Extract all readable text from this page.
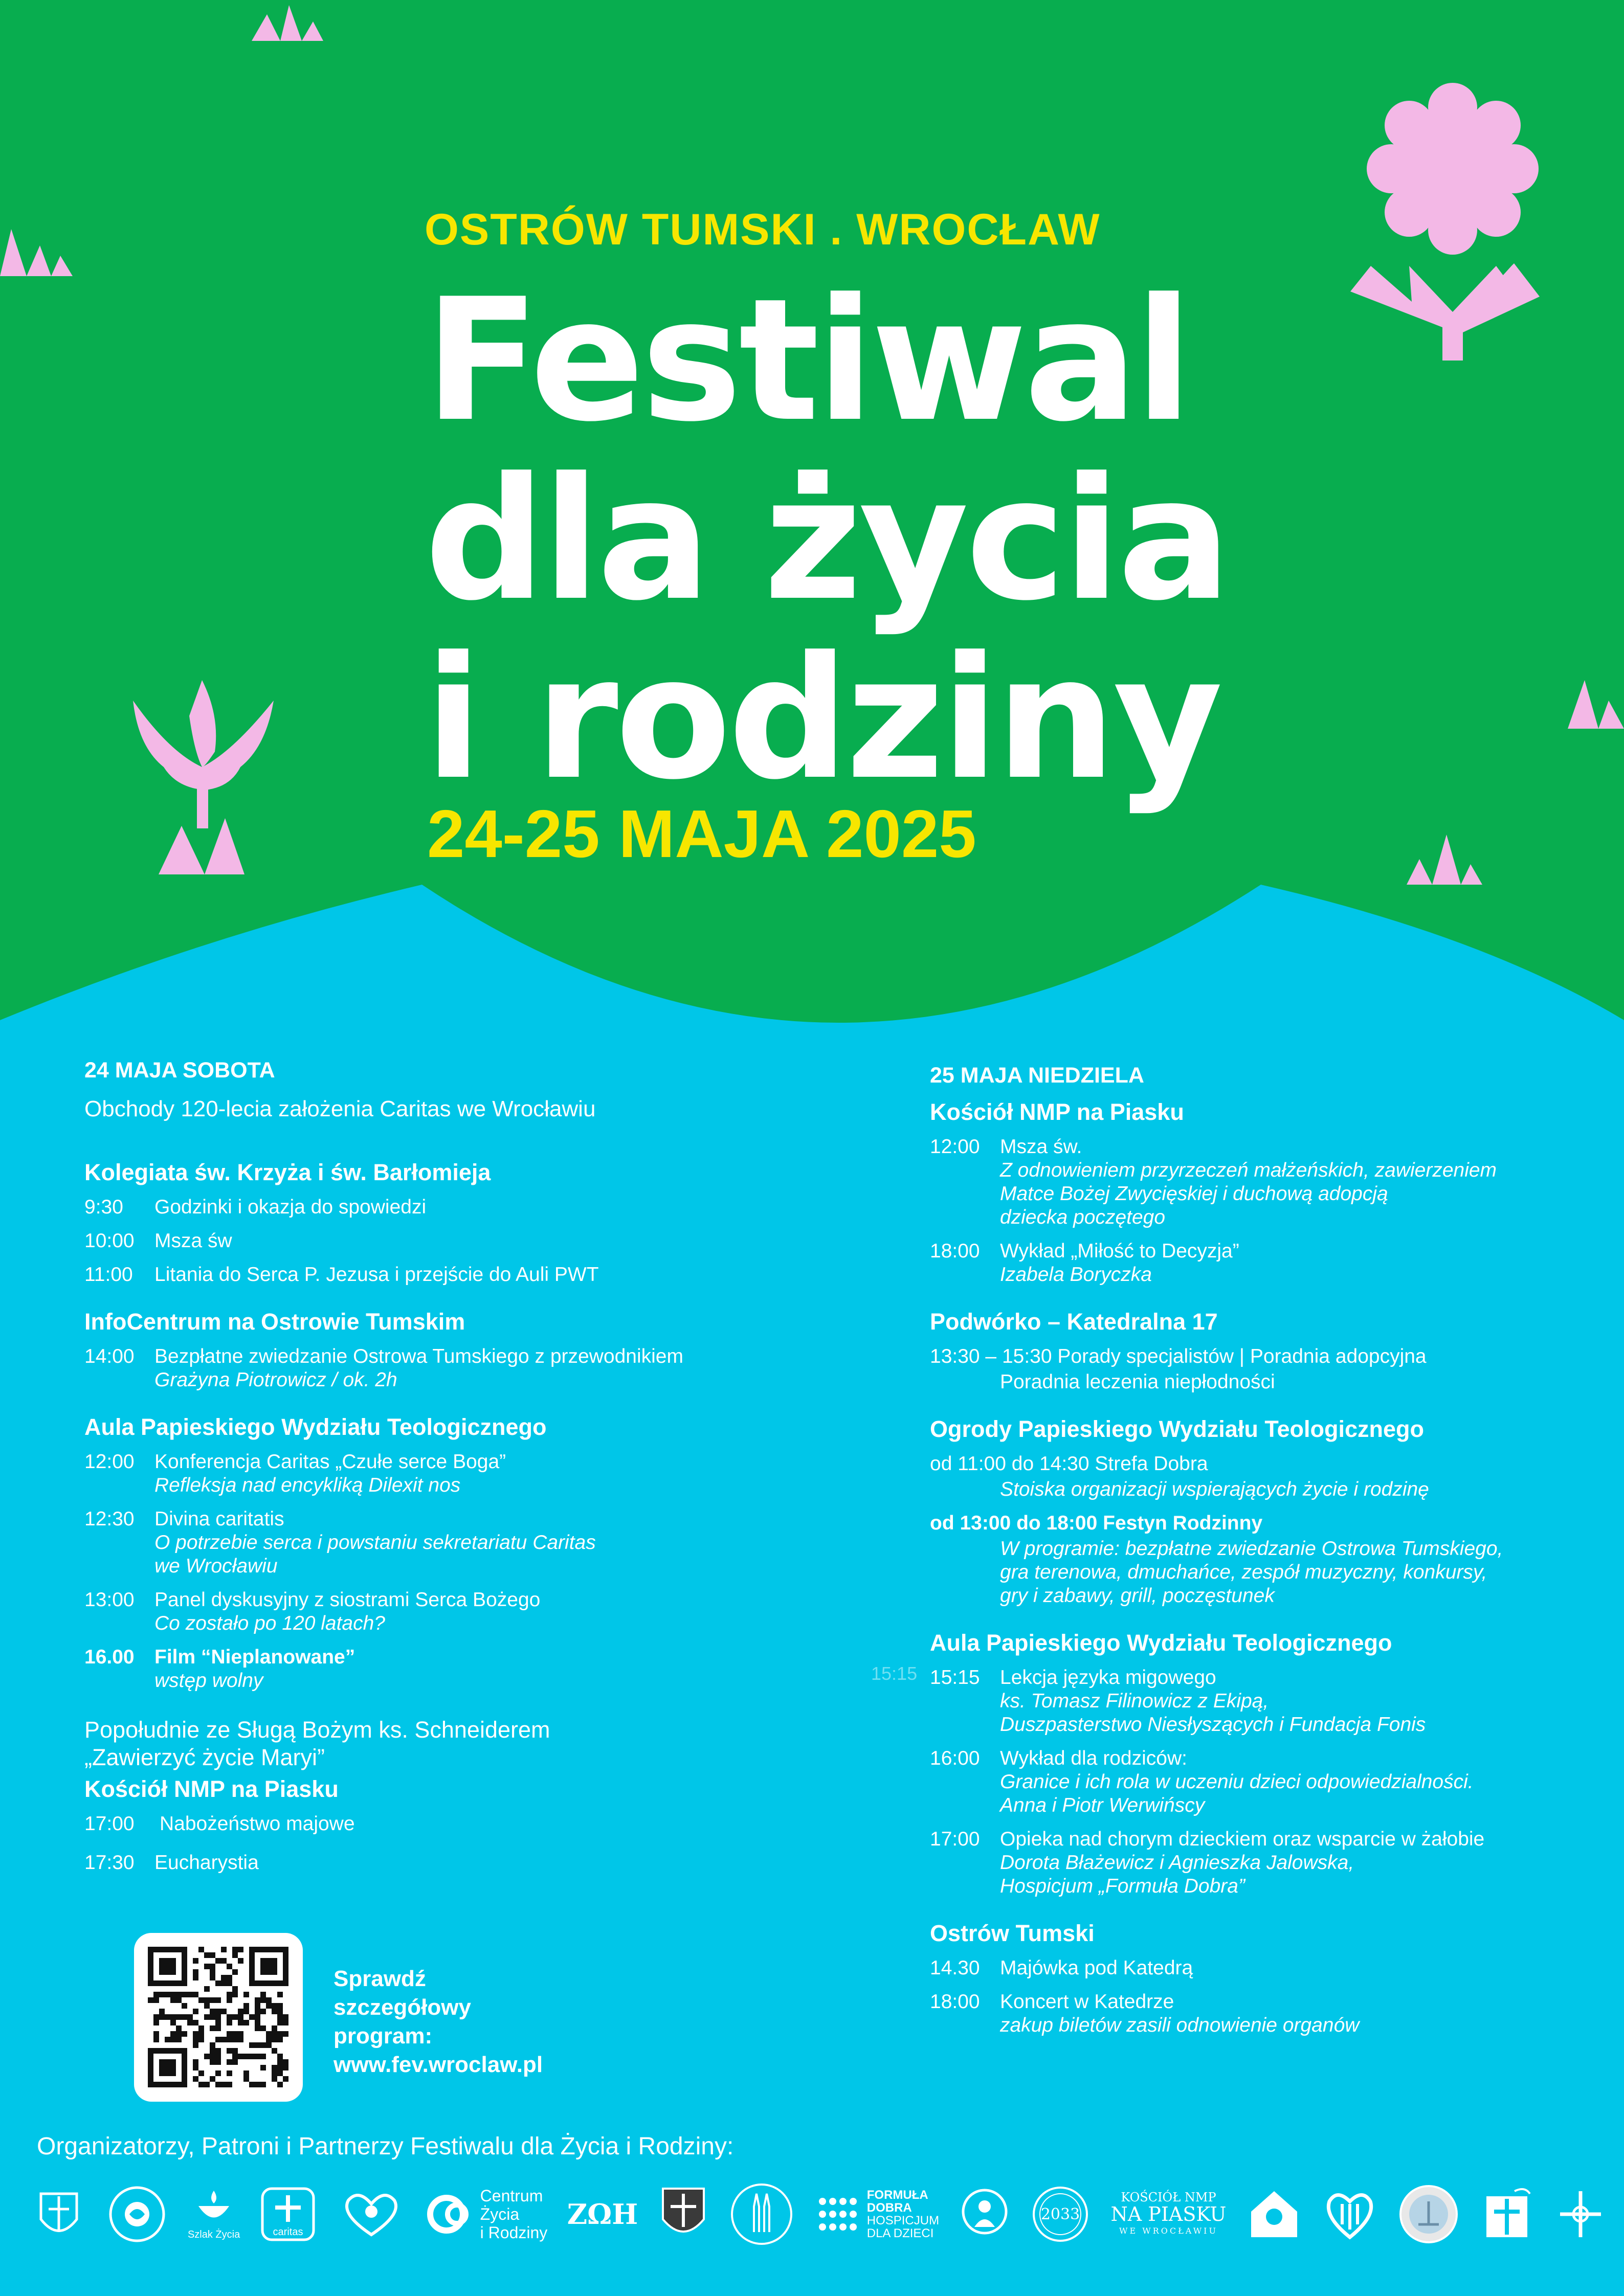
OSTRÓW TUMSKI . WROCŁAW
Festiwal
dla życia
i rodziny
24-25 MAJA 2025
24 MAJA SOBOTA
Obchody 120-lecia założenia Caritas we Wrocławiu
Kolegiata św. Krzyża i św. Barłomieja
9:30	Godzinki i okazja do spowiedzi
10:00	Msza św
11:00	Litania do Serca P. Jezusa i przejście do Auli PWT
InfoCentrum na Ostrowie Tumskim
14:00	Bezpłatne zwiedzanie Ostrowa Tumskiego z przewodnikiem
Grażyna Piotrowicz / ok. 2h
Aula Papieskiego Wydziału Teologicznego
12:00	Konferencja Caritas „Czułe serce Boga”
Refleksja nad encykliką Dilexit nos
12:30	Divina caritatis
O potrzebie serca i powstaniu sekretariatu Caritas
we Wrocławiu
13:00	Panel dyskusyjny z siostrami Serca Bożego
Co zostało po 120 latach?
16.00	Film “Nieplanowane”
wstęp wolny
Popołudnie ze Sługą Bożym ks. Schneiderem
„Zawierzyć życie Maryi”
Kościół NMP na Piasku
17:00	Nabożeństwo majowe
17:30	Eucharystia
15:15
25 MAJA NIEDZIELA
Kościół NMP na Piasku
12:00	Msza św.
Z odnowieniem przyrzeczeń małżeńskich, zawierzeniem
Matce Bożej Zwycięskiej i duchową adopcją
dziecka poczętego
18:00	Wykład „Miłość to Decyzja”
Izabela Boryczka
Podwórko – Katedralna 17
13:30 – 15:30 Porady specjalistów | Poradnia adopcyjna
Poradnia leczenia niepłodności
Ogrody Papieskiego Wydziału Teologicznego
od 11:00 do 14:30 Strefa Dobra
Stoiska organizacji wspierających życie i rodzinę
od 13:00 do 18:00 Festyn Rodzinny
W programie: bezpłatne zwiedzanie Ostrowa Tumskiego,
gra terenowa, dmuchańce, zespół muzyczny, konkursy,
gry i zabawy, grill, poczęstunek
Aula Papieskiego Wydziału Teologicznego
15:15	Lekcja języka migowego
ks. Tomasz Filinowicz z Ekipą,
Duszpasterstwo Niesłyszących i Fundacja Fonis
16:00	Wykład dla rodziców:
Granice i ich rola w uczeniu dzieci odpowiedzialności.
Anna i Piotr Werwińscy
17:00	Opieka nad chorym dzieckiem oraz wsparcie w żałobie
Dorota Błażewicz i Agnieszka Jalowska,
Hospicjum „Formuła Dobra”
Ostrów Tumski
14.30	Majówka pod Katedrą
18:00	Koncert w Katedrze
zakup biletów zasili odnowienie organów
Sprawdź
szczegółowy
program:
www.fev.wroclaw.pl
Organizatorzy, Patroni i Partnerzy Festiwalu dla Życia i Rodziny:
Szlak Życia	caritas
Centrum
Życia
i Rodziny
ΖΩΗ
FORMUŁA
DOBRA
HOSPICJUM
DLA DZIECI
2033
KOŚCIÓŁ NMP
NA PIASKU
WE WROCŁAWIU
